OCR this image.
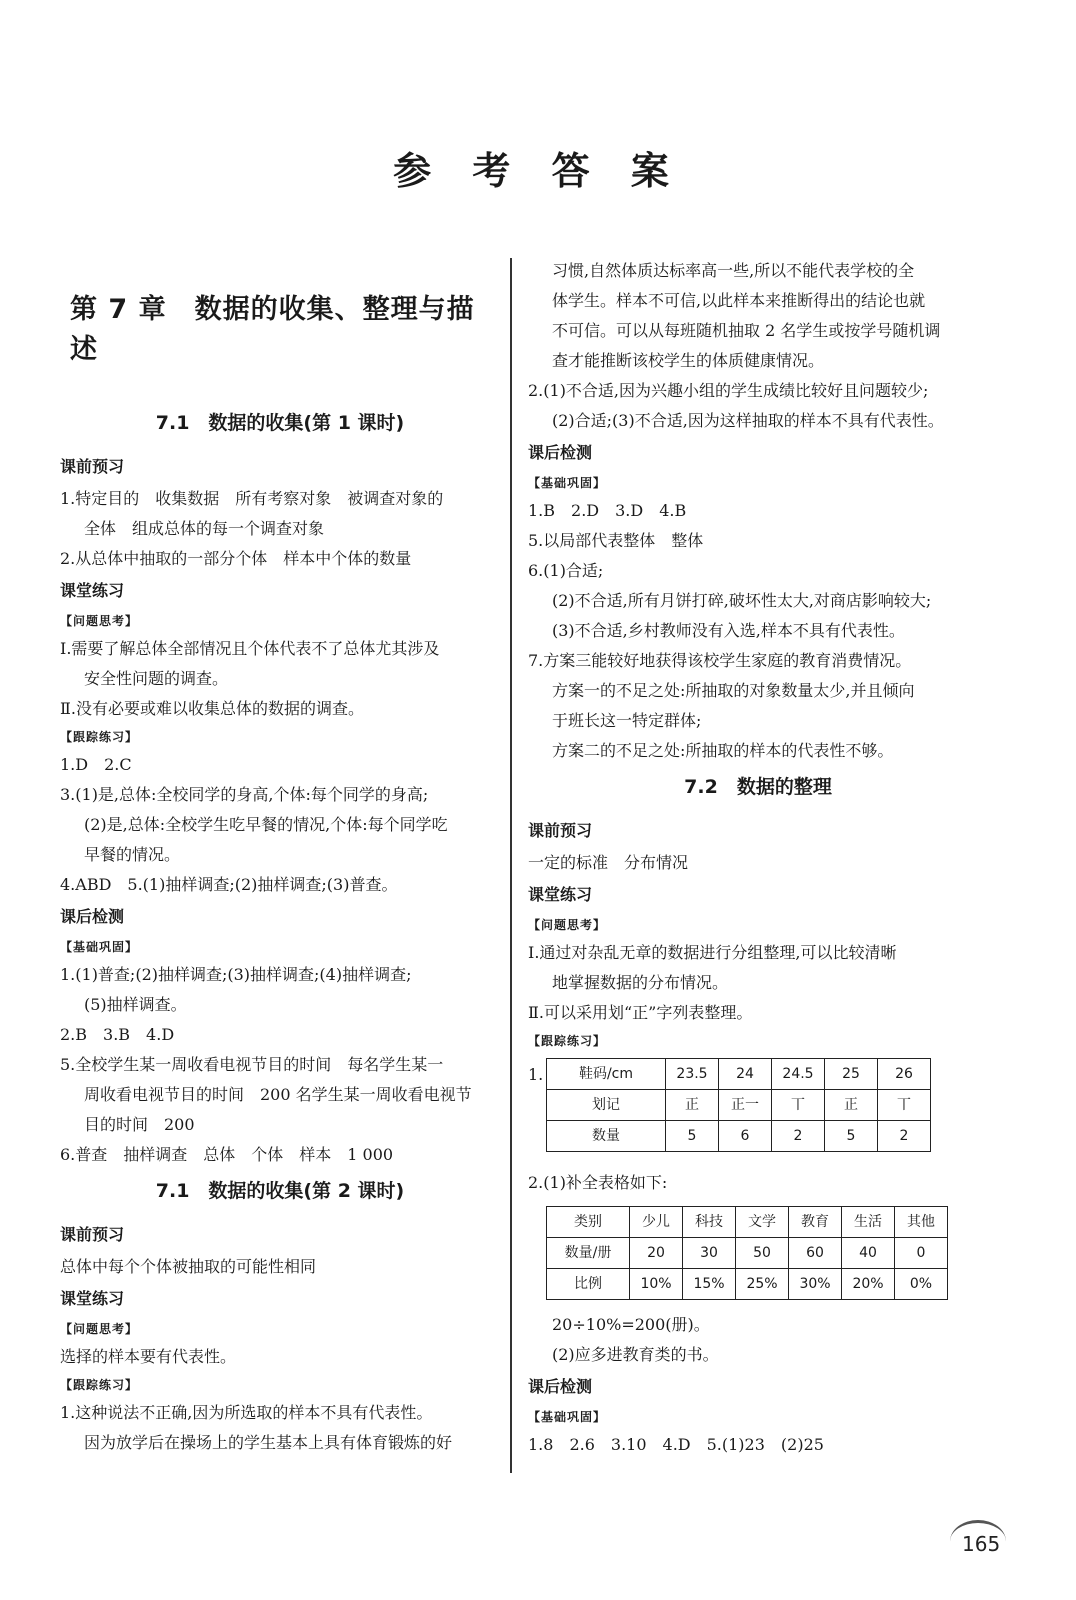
参 考 答 案
第 7 章　数据的收集、整理与描述
7.1　数据的收集(第 1 课时)
课前预习
1.特定目的　收集数据　所有考察对象　被调查对象的
全体　组成总体的每一个调查对象
2.从总体中抽取的一部分个体　样本中个体的数量
课堂练习
【问题思考】
Ⅰ.需要了解总体全部情况且个体代表不了总体尤其涉及
安全性问题的调查。
Ⅱ.没有必要或难以收集总体的数据的调查。
【跟踪练习】
1.D　2.C
3.(1)是,总体:全校同学的身高,个体:每个同学的身高;
(2)是,总体:全校学生吃早餐的情况,个体:每个同学吃
早餐的情况。
4.ABD　5.(1)抽样调查;(2)抽样调查;(3)普查。
课后检测
【基础巩固】
1.(1)普查;(2)抽样调查;(3)抽样调查;(4)抽样调查;
(5)抽样调查。
2.B　3.B　4.D
5.全校学生某一周收看电视节目的时间　每名学生某一
周收看电视节目的时间　200 名学生某一周收看电视节
目的时间　200
6.普查　抽样调查　总体　个体　样本　1 000
7.1　数据的收集(第 2 课时)
课前预习
总体中每个个体被抽取的可能性相同
课堂练习
【问题思考】
选择的样本要有代表性。
【跟踪练习】
1.这种说法不正确,因为所选取的样本不具有代表性。
因为放学后在操场上的学生基本上具有体育锻炼的好
习惯,自然体质达标率高一些,所以不能代表学校的全
体学生。样本不可信,以此样本来推断得出的结论也就
不可信。可以从每班随机抽取 2 名学生或按学号随机调
查才能推断该校学生的体质健康情况。
2.(1)不合适,因为兴趣小组的学生成绩比较好且问题较少;
(2)合适;(3)不合适,因为这样抽取的样本不具有代表性。
课后检测
【基础巩固】
1.B　2.D　3.D　4.B
5.以局部代表整体　整体
6.(1)合适;
(2)不合适,所有月饼打碎,破坏性太大,对商店影响较大;
(3)不合适,乡村教师没有入选,样本不具有代表性。
7.方案三能较好地获得该校学生家庭的教育消费情况。
方案一的不足之处:所抽取的对象数量太少,并且倾向
于班长这一特定群体;
方案二的不足之处:所抽取的样本的代表性不够。
7.2　数据的整理
课前预习
一定的标准　分布情况
课堂练习
【问题思考】
Ⅰ.通过对杂乱无章的数据进行分组整理,可以比较清晰
地掌握数据的分布情况。
Ⅱ.可以采用划“正”字列表整理。
【跟踪练习】
1.	鞋码/cm	23.5	24	24.5	25	26
划记	正	正一	丅	正	丅
数量	5	6	2	5	2
2.(1)补全表格如下:
类别	少儿	科技	文学	教育	生活	其他
数量/册	20	30	50	60	40	0
比例	10%	15%	25%	30%	20%	0%
20÷10%=200(册)。
(2)应多进教育类的书。
课后检测
【基础巩固】
1.8　2.6　3.10　4.D　5.(1)23　(2)25
165
